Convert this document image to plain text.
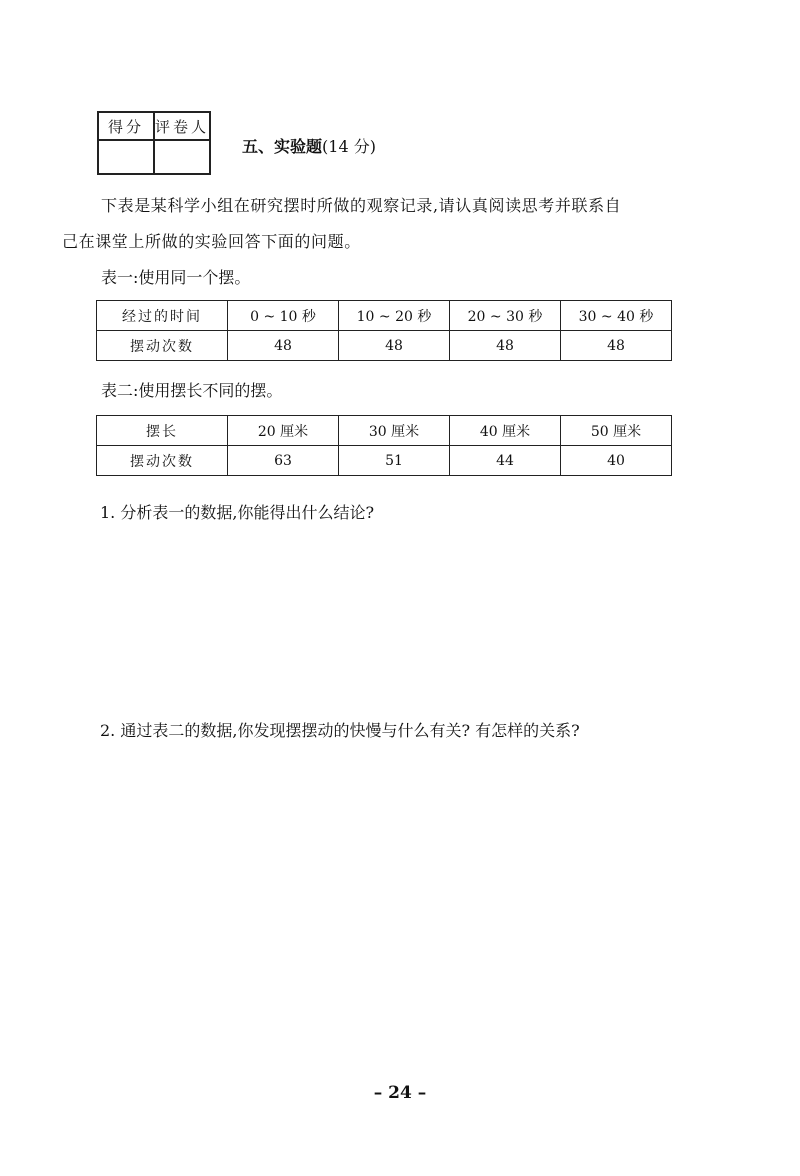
得分	评卷人

五、实验题(14 分)
下表是某科学小组在研究摆时所做的观察记录,请认真阅读思考并联系自
己在课堂上所做的实验回答下面的问题。
表一:使用同一个摆。
经过的时间	0 ~ 10 秒	10 ~ 20 秒	20 ~ 30 秒	30 ~ 40 秒
摆动次数	48	48	48	48
表二:使用摆长不同的摆。
摆长	20 厘米	30 厘米	40 厘米	50 厘米
摆动次数	63	51	44	40
1. 分析表一的数据,你能得出什么结论?
2. 通过表二的数据,你发现摆摆动的快慢与什么有关? 有怎样的关系?
– 24 –
